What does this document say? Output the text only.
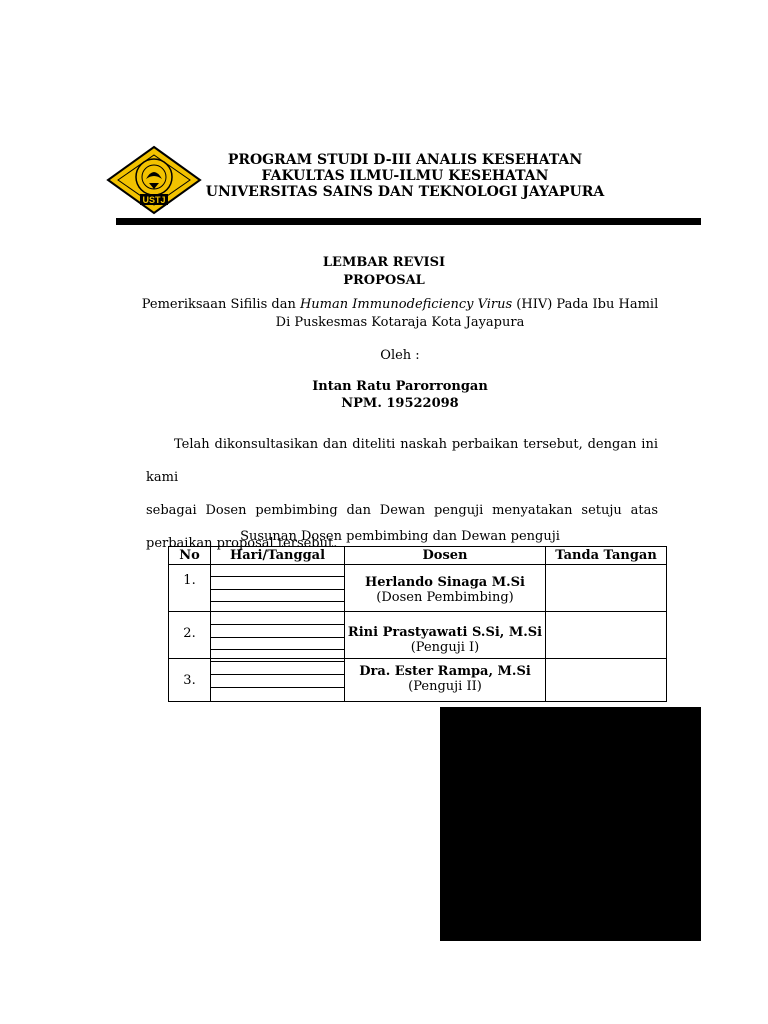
USTJ
PROGRAM STUDI D-III ANALIS KESEHATAN
FAKULTAS ILMU-ILMU KESEHATAN
UNIVERSITAS SAINS DAN TEKNOLOGI JAYAPURA
LEMBAR REVISI
PROPOSAL
Pemeriksaan Sifilis dan Human Immunodeficiency Virus (HIV) Pada Ibu Hamil
Di Puskesmas Kotaraja Kota Jayapura
Oleh :
Intan Ratu Parorrongan
NPM. 19522098
Telah dikonsultasikan dan diteliti naskah perbaikan tersebut, dengan ini kami
sebagai Dosen pembimbing dan Dewan penguji menyatakan setuju atas
perbaikan proposal tersebut.
Susunan Dosen pembimbing dan Dewan penguji
No	Hari/Tanggal	Dosen	Tanda Tangan

1.		Herlando Sinaga M.Si
(Dosen Pembimbing)	

2.		Rini Prastyawati S.Si, M.Si
(Penguji I)	

3.		Dra. Ester Rampa, M.Si
(Penguji II)	
